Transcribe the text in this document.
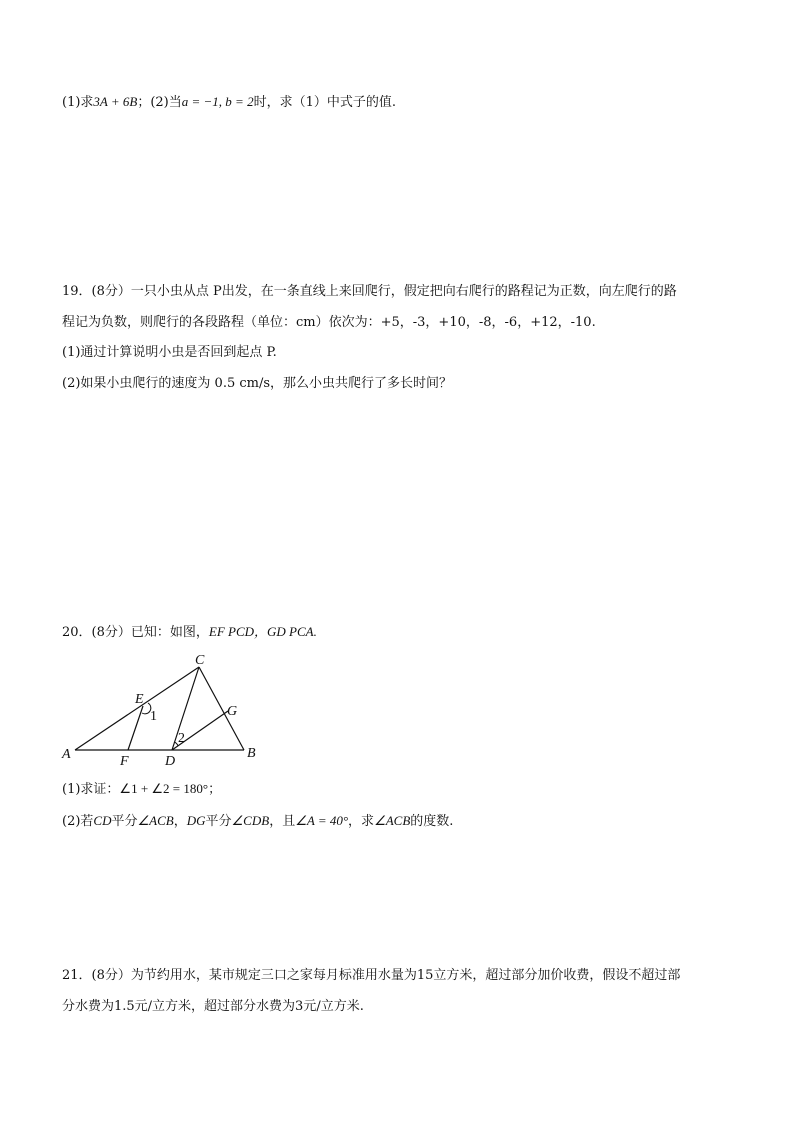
(1)求3A + 6B；(2)当a = −1, b = 2时，求（1）中式子的值.
19．(8分）一只小虫从点 P出发，在一条直线上来回爬行，假定把向右爬行的路程记为正数，向左爬行的路
程记为负数，则爬行的各段路程（单位：cm）依次为：+5，-3，+10，-8，-6，+12，-10.
(1)通过计算说明小虫是否回到起点 P.
(2)如果小虫爬行的速度为 0.5 cm/s，那么小虫共爬行了多长时间？
20．(8分）已知：如图，EF PCD，GD PCA.
A	B
C
D
E
F
G
1
2
(1)求证：∠1 + ∠2 = 180°；
(2)若CD平分∠ACB，DG平分∠CDB，且∠A = 40°，求∠ACB的度数.
21．(8分）为节约用水，某市规定三口之家每月标准用水量为15立方米，超过部分加价收费，假设不超过部
分水费为1.5元/立方米，超过部分水费为3元/立方米.
